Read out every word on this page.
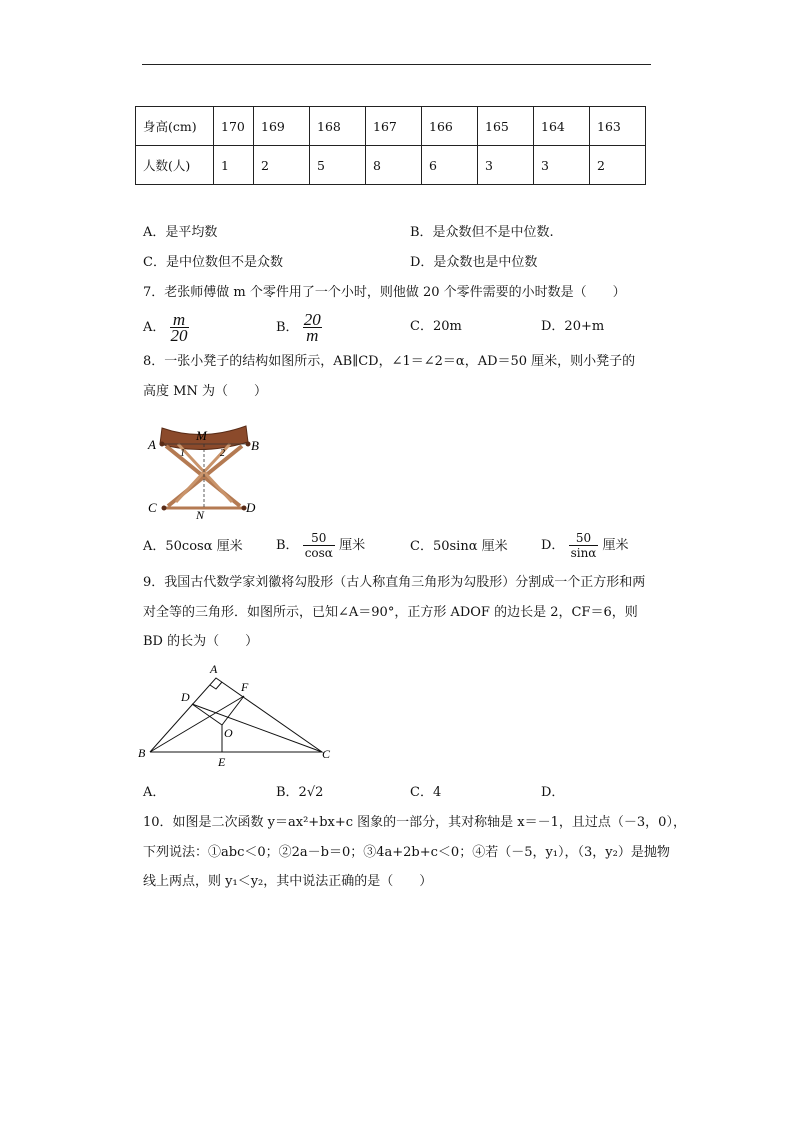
身高(cm)	170	169	168	167	166	165	164	163
人数(人)	1	2	5	8	6	3	3	2
A．是平均数	B．是众数但不是中位数.
C．是中位数但不是众数	D．是众数也是中位数
7．老张师傅做 m 个零件用了一个小时，则他做 20 个零件需要的小时数是（　　）
A． $\frac{m}{20}$	B． $\frac{20}{m}$	C．20m	D．20+m
8．一张小凳子的结构如图所示，AB∥CD，∠1＝∠2＝α，AD＝50 厘米，则小凳子的
高度 MN 为（　　）
A	B
C	D
M
N
1	2
A．50cosα 厘米	B． $\frac{50}{\cos\alpha}$ 厘米	C．50sinα 厘米	D． $\frac{50}{\sin\alpha}$ 厘米
9．我国古代数学家刘徽将勾股形（古人称直角三角形为勾股形）分割成一个正方形和两
对全等的三角形．如图所示，已知∠A＝90°，正方形 ADOF 的边长是 2，CF＝6，则
BD 的长为（　　）
A
B	C
D
E
F
O
A．	B．2√2	C．4	D．
10．如图是二次函数 y＝ax²+bx+c 图象的一部分，其对称轴是 x＝－1，且过点（－3，0），
下列说法：①abc＜0；②2a－b＝0；③4a+2b+c＜0；④若（－5，y₁），（3，y₂）是抛物
线上两点，则 y₁＜y₂，其中说法正确的是（　　）
